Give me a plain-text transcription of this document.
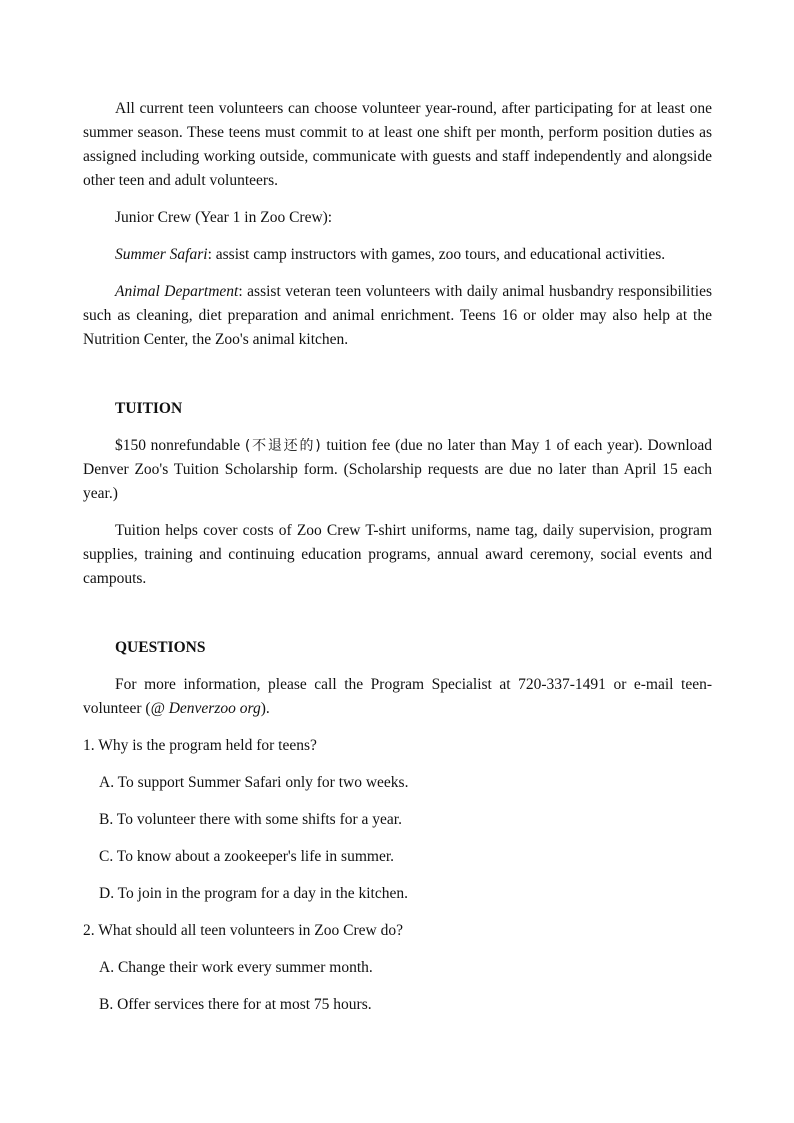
All current teen volunteers can choose volunteer year-round, after participating for at least one summer season. These teens must commit to at least one shift per month, perform position duties as assigned including working outside, communicate with guests and staff independently and alongside other teen and adult volunteers.

Junior Crew (Year 1 in Zoo Crew):

Summer Safari: assist camp instructors with games, zoo tours, and educational activities.

Animal Department: assist veteran teen volunteers with daily animal husbandry responsibilities such as cleaning, diet preparation and animal enrichment. Teens 16 or older may also help at the Nutrition Center, the Zoo's animal kitchen.

TUITION

$150 nonrefundable (不退还的) tuition fee (due no later than May 1 of each year). Download Denver Zoo's Tuition Scholarship form. (Scholarship requests are due no later than April 15 each year.)

Tuition helps cover costs of Zoo Crew T-shirt uniforms, name tag, daily supervision, program supplies, training and continuing education programs, annual award ceremony, social events and campouts.

QUESTIONS

For more information, please call the Program Specialist at 720-337-1491 or e-mail teen-volunteer (@ Denverzoo org).

1. Why is the program held for teens?

A. To support Summer Safari only for two weeks.

B. To volunteer there with some shifts for a year.

C. To know about a zookeeper's life in summer.

D. To join in the program for a day in the kitchen.

2. What should all teen volunteers in Zoo Crew do?

A. Change their work every summer month.

B. Offer services there for at most 75 hours.
